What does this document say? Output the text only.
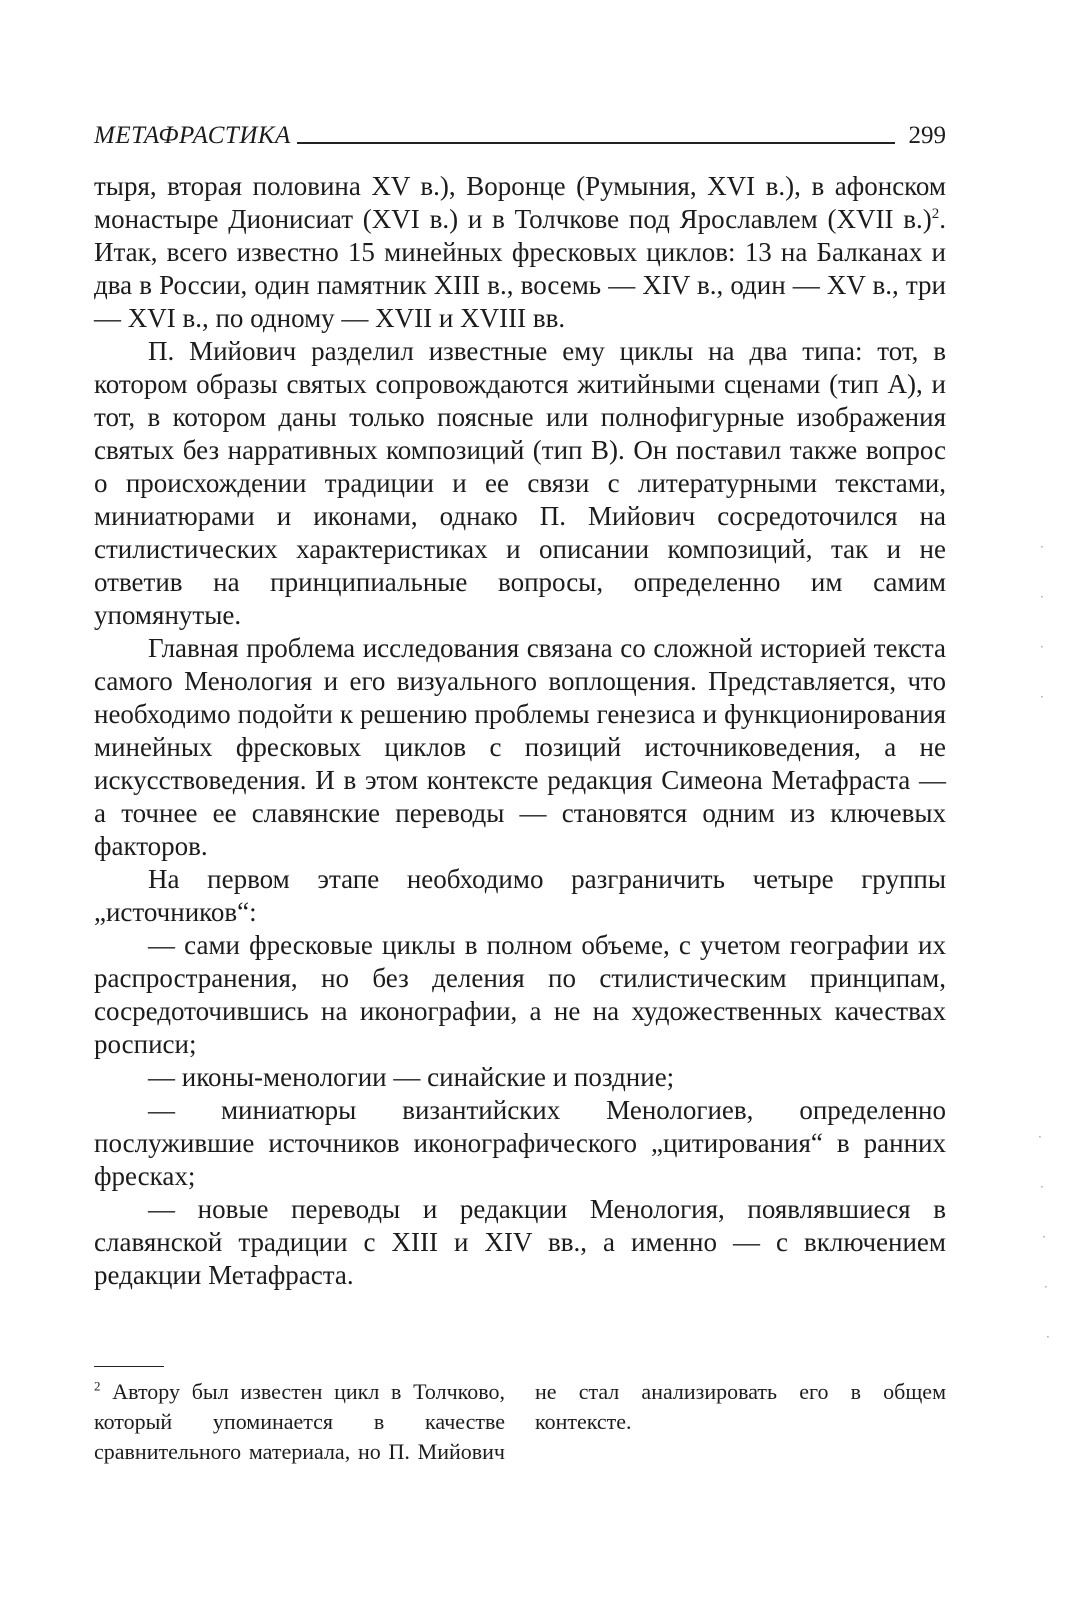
МЕТАФРАСТИКА	299

тыря, вторая половина XV в.), Воронце (Румыния, XVI в.), в афонском монастыре Дионисиат (XVI в.) и в Толчкове под Ярославлем (XVII в.)$^2$. Итак, всего известно 15 минейных фресковых циклов: 13 на Балканах и два в России, один памятник XIII в., восемь — XIV в., один — XV в., три — XVI в., по одному — XVII и XVIII вв.

П. Мийович разделил известные ему циклы на два типа: тот, в котором образы святых сопровождаются житийными сценами (тип А), и тот, в котором даны только поясные или полнофигурные изображения святых без нарративных композиций (тип В). Он поставил также вопрос о происхождении традиции и ее связи с литературными текстами, миниатюрами и иконами, однако П. Мийович сосредоточился на стилистических характеристиках и описании композиций, так и не ответив на принципиальные вопросы, определенно им самим упомянутые.

Главная проблема исследования связана со сложной историей текста самого Менология и его визуального воплощения. Представляется, что необходимо подойти к решению проблемы генезиса и функционирования минейных фресковых циклов с позиций источниковедения, а не искусствоведения. И в этом контексте редакция Симеона Метафраста — а точнее ее славянские переводы — становятся одним из ключевых факторов.

На первом этапе необходимо разграничить четыре группы „источников“:

— сами фресковые циклы в полном объеме, с учетом географии их распространения, но без деления по стилистическим принципам, сосредоточившись на иконографии, а не на художественных качествах росписи;

— иконы-менологии — синайские и поздние;

— миниатюры византийских Менологиев, определенно послужившие источников иконографического „цитирования“ в ранних фресках;

— новые переводы и редакции Менология, появлявшиеся в славянской традиции с XIII и XIV вв., а именно — с включением редакции Метафраста.

$^2$ Автору был известен цикл в Толчково, который упоминается в качестве сравнительного материала, но П. Мийович не стал анализировать его в общем контексте.

·
·
·
·
·
·
·
·
·
